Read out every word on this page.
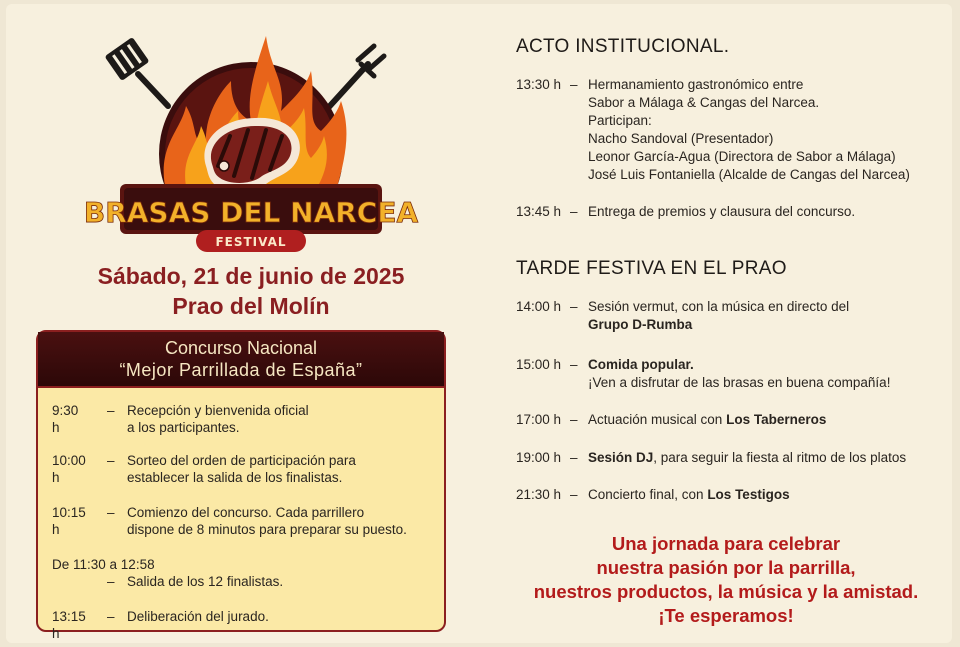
BRASAS DEL NARCEA
FESTIVAL
Sábado, 21 de junio de 2025
Prao del Molín
Concurso Nacional
“Mejor Parrillada de España”
9:30 h
– Recepción y bienvenida oficial
a los participantes.
10:00 h
– Sorteo del orden de participación para
establecer la salida de los finalistas.
10:15 h
– Comienzo del concurso. Cada parrillero
dispone de 8 minutos para preparar su puesto.
De 11:30 a 12:58
– Salida de los 12 finalistas.
13:15 h
– Deliberación del jurado.
ACTO INSTITUCIONAL.
13:30 h – Hermanamiento gastronómico entre
Sabor a Málaga & Cangas del Narcea.
Participan:
Nacho Sandoval (Presentador)
Leonor García-Agua (Directora de Sabor a Málaga)
José Luis Fontaniella (Alcalde de Cangas del Narcea)
13:45 h – Entrega de premios y clausura del concurso.
TARDE FESTIVA EN EL PRAO
14:00 h – Sesión vermut, con la música en directo del
Grupo D-Rumba
15:00 h – Comida popular.
¡Ven a disfrutar de las brasas en buena compañía!
17:00 h – Actuación musical con Los Taberneros
19:00 h – Sesión DJ, para seguir la fiesta al ritmo de los platos
21:30 h – Concierto final, con Los Testigos
Una jornada para celebrar
nuestra pasión por la parrilla,
nuestros productos, la música y la amistad.
¡Te esperamos!
